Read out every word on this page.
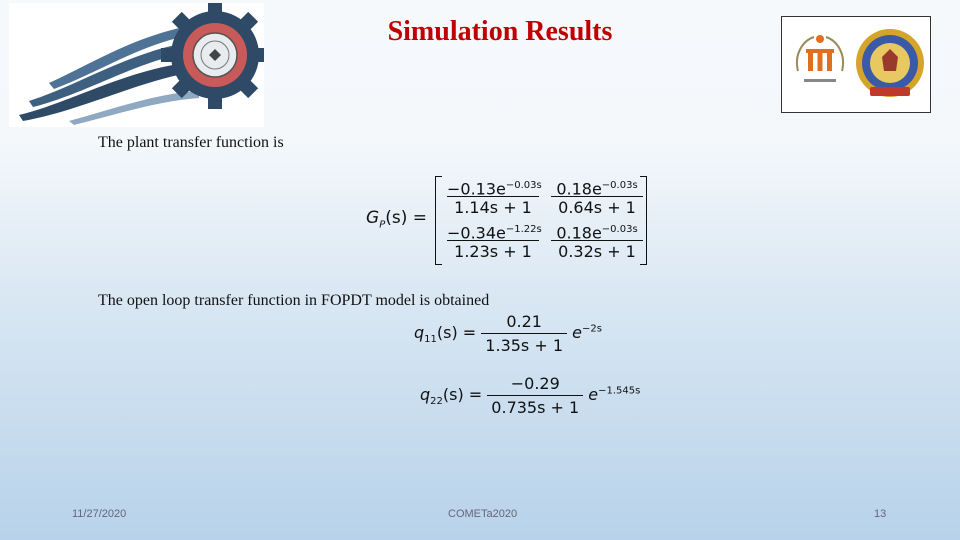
Simulation Results
The plant transfer function is
$G_P(s)$ =
$-0.13e^{-0.03s}$
1.14s + 1
$0.18e^{-0.03s}$
0.64s + 1
$-0.34e^{-1.22s}$
1.23s + 1
$0.18e^{-0.03s}$
0.32s + 1
The open loop transfer function in FOPDT model is obtained
$q_{11}(s) = \frac{0.21}{1.35s + 1} e^{-2s}$
$q_{22}(s) = \frac{-0.29}{0.735s + 1} e^{-1.545s}$
11/27/2020	COMETa2020	13
